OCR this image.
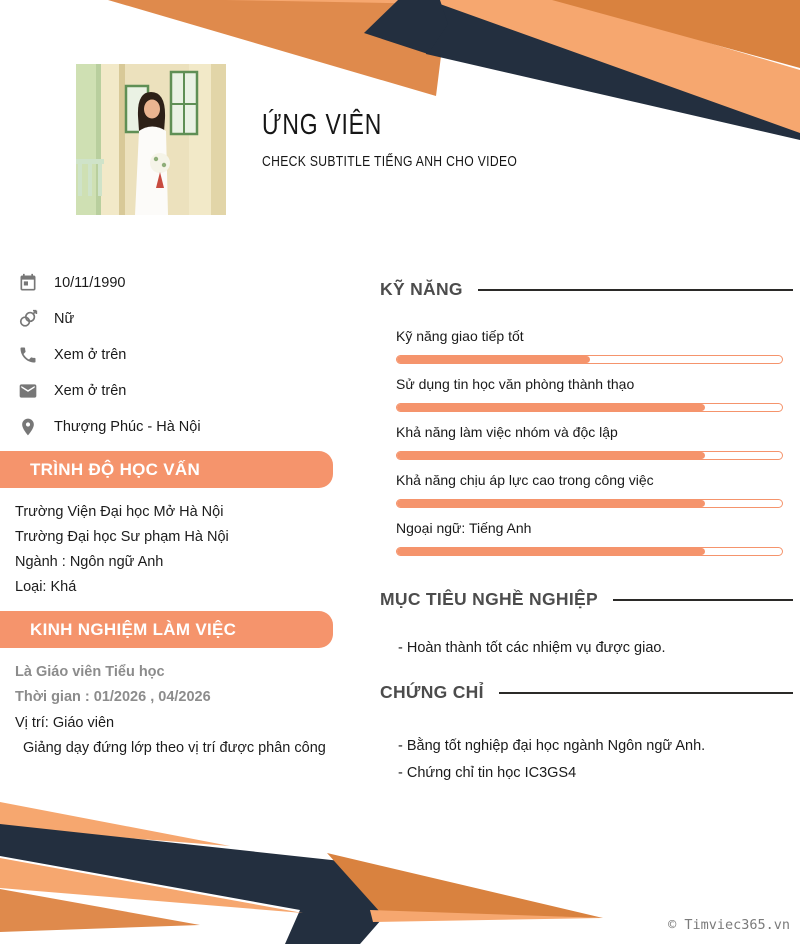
ỨNG VIÊN
CHECK SUBTITLE TIẾNG ANH CHO VIDEO
10/11/1990
Nữ
Xem ở trên
Xem ở trên
Thượng Phúc - Hà Nội
TRÌNH ĐỘ HỌC VẤN
Trường Viện Đại học Mở Hà Nội
Trường Đại học Sư phạm Hà Nội
Ngành : Ngôn ngữ Anh
Loại: Khá
KINH NGHIỆM LÀM VIỆC
Là Giáo viên Tiểu học
Thời gian : 01/2026 , 04/2026
Vị trí: Giáo viên
Giảng dạy đứng lớp theo vị trí được phân công
KỸ NĂNG
Kỹ năng giao tiếp tốt
Sử dụng tin học văn phòng thành thạo
Khả năng làm việc nhóm và độc lập
Khả năng chịu áp lực cao trong công việc
Ngoại ngữ: Tiếng Anh
MỤC TIÊU NGHỀ NGHIỆP
- Hoàn thành tốt các nhiệm vụ được giao.
CHỨNG CHỈ
- Bằng tốt nghiệp đại học ngành Ngôn ngữ Anh.
- Chứng chỉ tin học IC3GS4
© Timviec365.vn
